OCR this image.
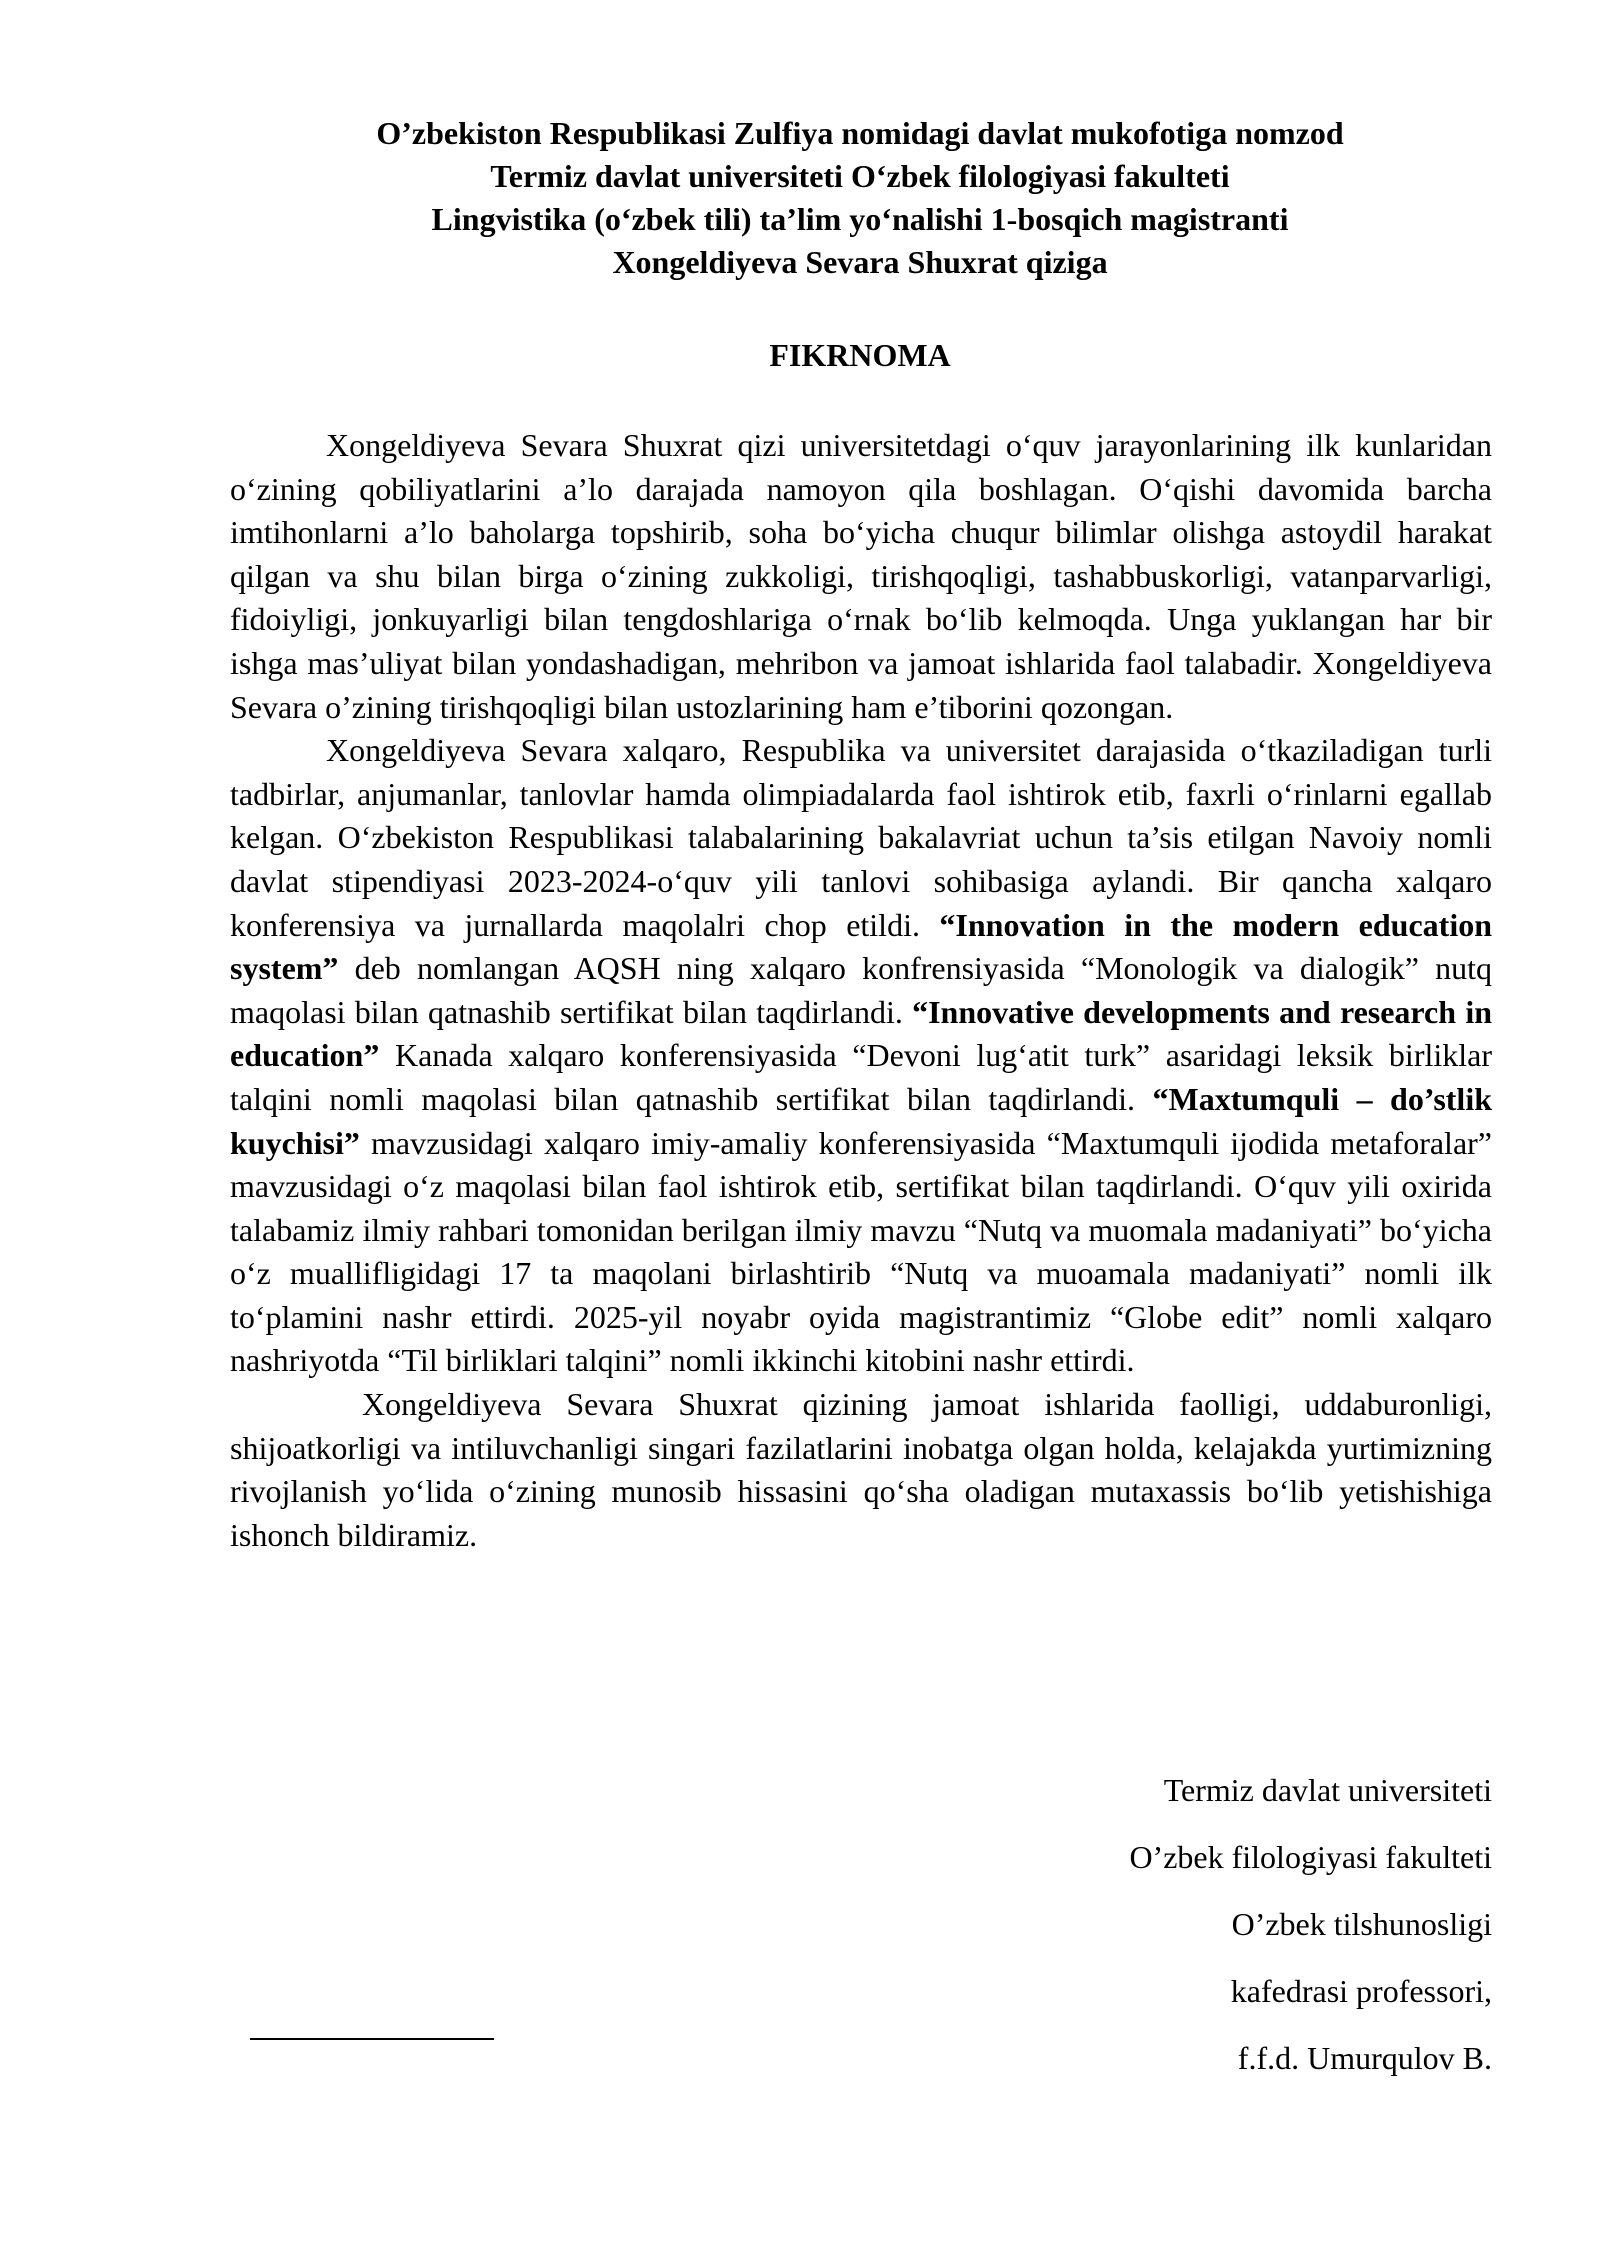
O’zbekiston Respublikasi Zulfiya nomidagi davlat mukofotiga nomzod
Termiz davlat universiteti O‘zbek filologiyasi fakulteti
Lingvistika (o‘zbek tili) ta’lim yo‘nalishi 1-bosqich magistranti
Xongeldiyeva Sevara Shuxrat qiziga
FIKRNOMA

Xongeldiyeva Sevara Shuxrat qizi universitetdagi o‘quv jarayonlarining ilk kunlaridan o‘zining qobiliyatlarini a’lo darajada namoyon qila boshlagan. O‘qishi davomida barcha imtihonlarni a’lo baholarga topshirib, soha bo‘yicha chuqur bilimlar olishga astoydil harakat qilgan va shu bilan birga o‘zining zukkoligi, tirishqoqligi, tashabbuskorligi, vatanparvarligi, fidoiyligi, jonkuyarligi bilan tengdoshlariga o‘rnak bo‘lib kelmoqda. Unga yuklangan har bir ishga mas’uliyat bilan yondashadigan, mehribon va jamoat ishlarida faol talabadir. Xongeldiyeva Sevara o’zining tirishqoqligi bilan ustozlarining ham e’tiborini qozongan.

Xongeldiyeva Sevara xalqaro, Respublika va universitet darajasida o‘tkaziladigan turli tadbirlar, anjumanlar, tanlovlar hamda olimpiadalarda faol ishtirok etib, faxrli o‘rinlarni egallab kelgan. O‘zbekiston Respublikasi talabalarining bakalavriat uchun ta’sis etilgan Navoiy nomli davlat stipendiyasi 2023-2024-o‘quv yili tanlovi sohibasiga aylandi. Bir qancha xalqaro konferensiya va jurnallarda maqolalri chop etildi. “Innovation in the modern education system” deb nomlangan AQSH ning xalqaro konfrensiyasida “Monologik va dialogik” nutq maqolasi bilan qatnashib sertifikat bilan taqdirlandi. “Innovative developments and research in education” Kanada xalqaro konferensiyasida “Devoni lug‘atit turk” asaridagi leksik birliklar talqini nomli maqolasi bilan qatnashib sertifikat bilan taqdirlandi. “Maxtumquli – do’stlik kuychisi” mavzusidagi xalqaro imiy-amaliy konferensiyasida “Maxtumquli ijodida metaforalar” mavzusidagi o‘z maqolasi bilan faol ishtirok etib, sertifikat bilan taqdirlandi. O‘quv yili oxirida talabamiz ilmiy rahbari tomonidan berilgan ilmiy mavzu “Nutq va muomala madaniyati” bo‘yicha o‘z muallifligidagi 17 ta maqolani birlashtirib “Nutq va muoamala madaniyati” nomli ilk to‘plamini nashr ettirdi. 2025-yil noyabr oyida magistrantimiz “Globe edit” nomli xalqaro nashriyotda “Til birliklari talqini” nomli ikkinchi kitobini nashr ettirdi.

Xongeldiyeva Sevara Shuxrat qizining jamoat ishlarida faolligi, uddaburonligi, shijoatkorligi va intiluvchanligi singari fazilatlarini inobatga olgan holda, kelajakda yurtimizning rivojlanish yo‘lida o‘zining munosib hissasini qo‘sha oladigan mutaxassis bo‘lib yetishishiga ishonch bildiramiz.

Termiz davlat universiteti
O’zbek filologiyasi fakulteti
O’zbek tilshunosligi
kafedrasi professori,
f.f.d. Umurqulov B.
